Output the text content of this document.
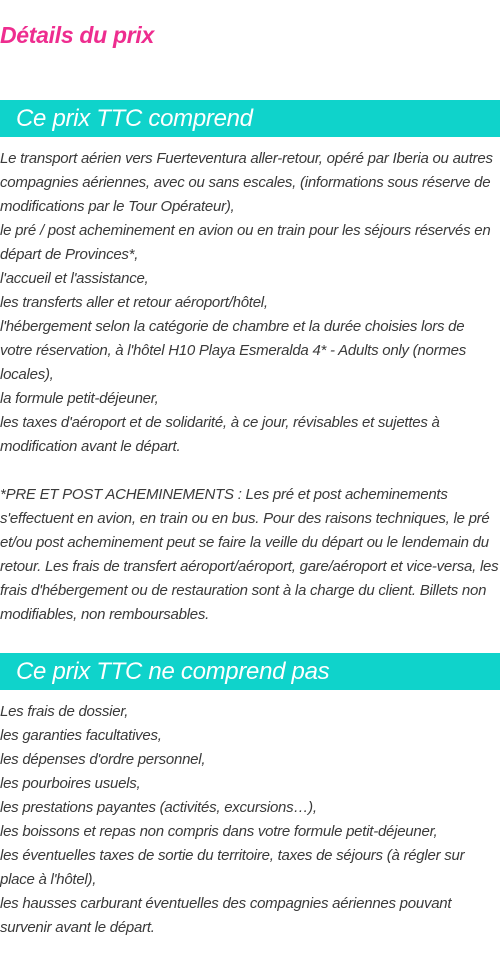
Détails du prix
Ce prix TTC comprend

Le transport aérien vers Fuerteventura aller-retour, opéré par Iberia ou autres compagnies aériennes, avec ou sans escales, (informations sous réserve de modifications par le Tour Opérateur),

le pré / post acheminement en avion ou en train pour les séjours réservés en départ de Provinces*,

l'accueil et l'assistance,

les transferts aller et retour aéroport/hôtel,

l'hébergement selon la catégorie de chambre et la durée choisies lors de votre réservation, à l'hôtel H10 Playa Esmeralda 4* - Adults only (normes locales),

la formule petit-déjeuner,

les taxes d'aéroport et de solidarité, à ce jour, révisables et sujettes à modification avant le départ.

*PRE ET POST ACHEMINEMENTS : Les pré et post acheminements s'effectuent en avion, en train ou en bus. Pour des raisons techniques, le pré et/ou post acheminement peut se faire la veille du départ ou le lendemain du retour. Les frais de transfert aéroport/aéroport, gare/aéroport et vice-versa, les frais d'hébergement ou de restauration sont à la charge du client. Billets non modifiables, non remboursables.

Ce prix TTC ne comprend pas

Les frais de dossier,

les garanties facultatives,

les dépenses d'ordre personnel,

les pourboires usuels,

les prestations payantes (activités, excursions…),

les boissons et repas non compris dans votre formule petit-déjeuner,

les éventuelles taxes de sortie du territoire, taxes de séjours (à régler sur place à l'hôtel),

les hausses carburant éventuelles des compagnies aériennes pouvant survenir avant le départ.
